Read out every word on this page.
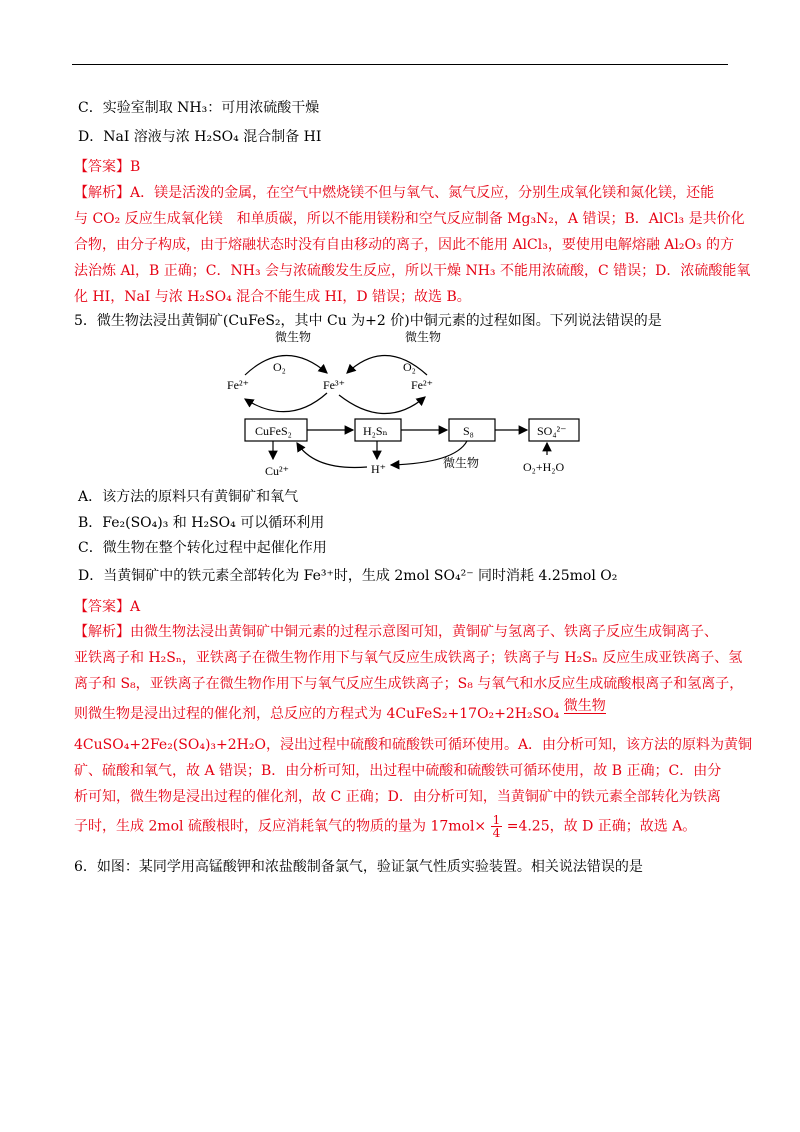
C．实验室制取 NH₃：可用浓硫酸干燥
D．NaI 溶液与浓 H₂SO₄ 混合制备 HI
【答案】B
【解析】A．镁是活泼的金属，在空气中燃烧镁不但与氧气、氮气反应，分别生成氧化镁和氮化镁，还能
与 CO₂ 反应生成氧化镁　和单质碳，所以不能用镁粉和空气反应制备 Mg₃N₂，A 错误；B．AlCl₃ 是共价化
合物，由分子构成，由于熔融状态时没有自由移动的离子，因此不能用 AlCl₃，要使用电解熔融 Al₂O₃ 的方
法治炼 Al，B 正确；C．NH₃ 会与浓硫酸发生反应，所以干燥 NH₃ 不能用浓硫酸，C 错误；D．浓硫酸能氧
化 HI，NaI 与浓 H₂SO₄ 混合不能生成 HI，D 错误；故选 B。
5．微生物法浸出黄铜矿(CuFeS₂，其中 Cu 为+2 价)中铜元素的过程如图。下列说法错误的是
微生物	微生物
O₂	O₂
Fe²⁺	Fe³⁺	Fe²⁺
CuFeS₂	H₂Sₙ	S₈	SO₄²⁻
Cu²⁺	H⁺	微生物	O₂+H₂O
A．该方法的原料只有黄铜矿和氧气
B．Fe₂(SO₄)₃ 和 H₂SO₄ 可以循环利用
C．微生物在整个转化过程中起催化作用
D．当黄铜矿中的铁元素全部转化为 Fe³⁺时，生成 2mol SO₄²⁻ 同时消耗 4.25mol O₂
【答案】A
【解析】由微生物法浸出黄铜矿中铜元素的过程示意图可知，黄铜矿与氢离子、铁离子反应生成铜离子、
亚铁离子和 H₂Sₙ，亚铁离子在微生物作用下与氧气反应生成铁离子；铁离子与 H₂Sₙ 反应生成亚铁离子、氢
离子和 S₈，亚铁离子在微生物作用下与氧气反应生成铁离子；S₈ 与氧气和水反应生成硫酸根离子和氢离子，
则微生物是浸出过程的催化剂，总反应的方程式为 4CuFeS₂+17O₂+2H₂SO₄ 微生物
4CuSO₄+2Fe₂(SO₄)₃+2H₂O，浸出过程中硫酸和硫酸铁可循环使用。A．由分析可知，该方法的原料为黄铜
矿、硫酸和氧气，故 A 错误；B．由分析可知，出过程中硫酸和硫酸铁可循环使用，故 B 正确；C．由分
析可知，微生物是浸出过程的催化剂，故 C 正确；D．由分析可知，当黄铜矿中的铁元素全部转化为铁离
子时，生成 2mol 硫酸根时，反应消耗氧气的物质的量为 $17mol\times \frac{1}{4} =4.25$，故 D 正确；故选 A。
6．如图：某同学用高锰酸钾和浓盐酸制备氯气，验证氯气性质实验装置。相关说法错误的是
